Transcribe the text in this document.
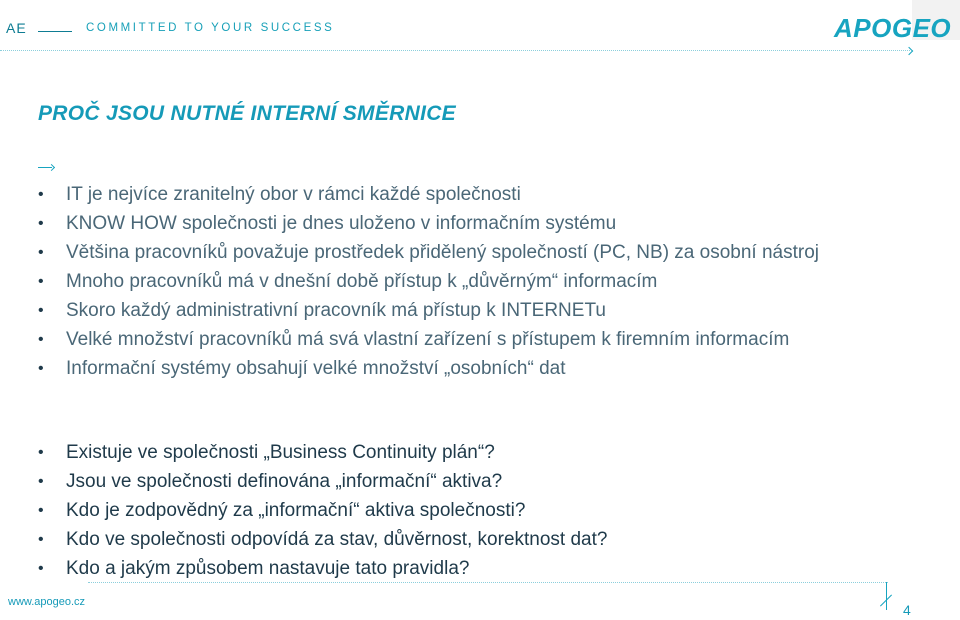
AE	COMMITTED TO YOUR SUCCESS	APOGEO
PROČ JSOU NUTNÉ INTERNÍ SMĚRNICE
• IT je nejvíce zranitelný obor v rámci každé společnosti
• KNOW HOW společnosti je dnes uloženo v informačním systému
• Většina pracovníků považuje prostředek přidělený společností (PC, NB) za osobní nástroj
• Mnoho pracovníků má v dnešní době přístup k „důvěrným“ informacím
• Skoro každý administrativní pracovník má přístup k INTERNETu
• Velké množství pracovníků má svá vlastní zařízení s přístupem k firemním informacím
• Informační systémy obsahují velké množství „osobních“ dat
• Existuje ve společnosti „Business Continuity plán“?
• Jsou ve společnosti definována „informační“ aktiva?
• Kdo je zodpovědný za „informační“ aktiva společnosti?
• Kdo ve společnosti odpovídá za stav, důvěrnost, korektnost dat?
• Kdo a jakým způsobem nastavuje tato pravidla?
www.apogeo.cz	4
